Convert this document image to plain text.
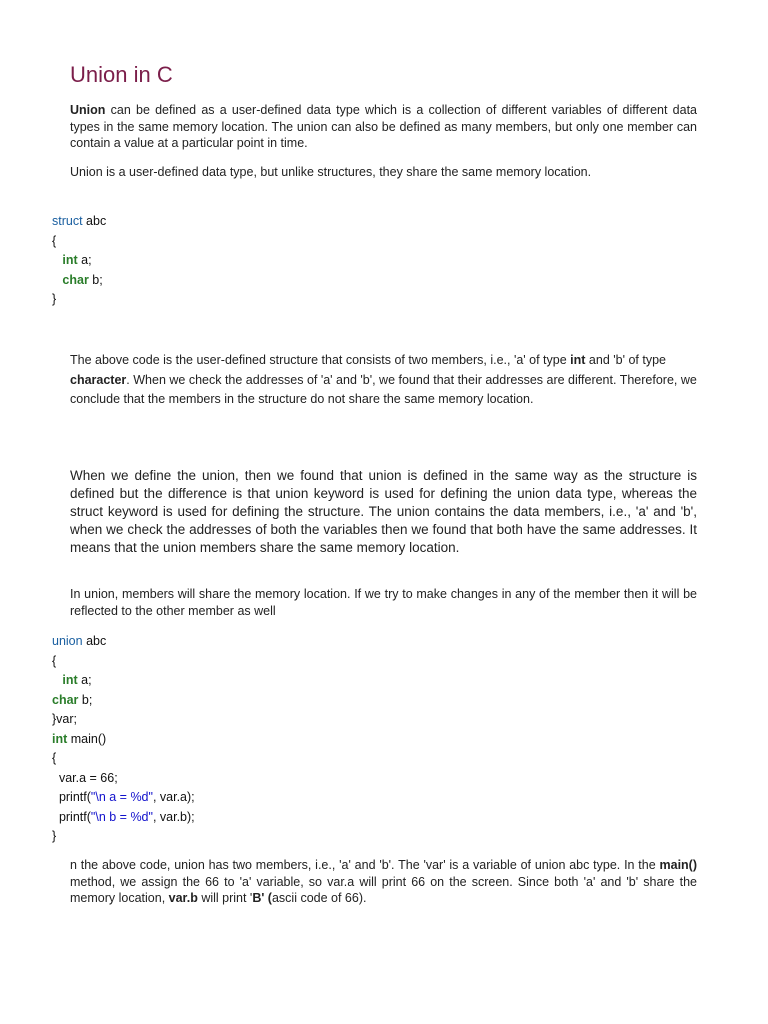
Union in C

Union can be defined as a user-defined data type which is a collection of different variables of different data types in the same memory location. The union can also be defined as many members, but only one member can contain a value at a particular point in time.

Union is a user-defined data type, but unlike structures, they share the same memory location.

struct abc
{
int a;
char b;
}

The above code is the user-defined structure that consists of two members, i.e., 'a' of type int and 'b' of type character. When we check the addresses of 'a' and 'b', we found that their addresses are different. Therefore, we conclude that the members in the structure do not share the same memory location.

When we define the union, then we found that union is defined in the same way as the structure is defined but the difference is that union keyword is used for defining the union data type, whereas the struct keyword is used for defining the structure. The union contains the data members, i.e., 'a' and 'b', when we check the addresses of both the variables then we found that both have the same addresses. It means that the union members share the same memory location.

In union, members will share the memory location. If we try to make changes in any of the member then it will be reflected to the other member as well

union abc
{
int a;
char b;
}var;
int main()
{
var.a = 66;
printf("\n a = %d", var.a);
printf("\n b = %d", var.b);
}

n the above code, union has two members, i.e., 'a' and 'b'. The 'var' is a variable of union abc type. In the main() method, we assign the 66 to 'a' variable, so var.a will print 66 on the screen. Since both 'a' and 'b' share the memory location, var.b will print 'B' (ascii code of 66).
